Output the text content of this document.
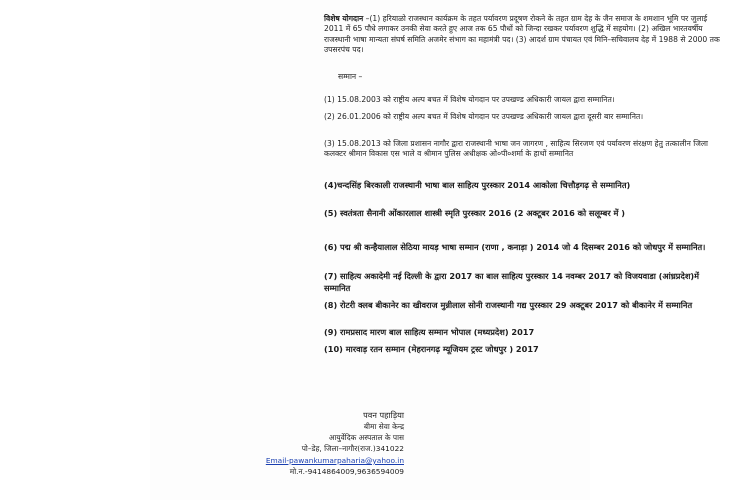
विशेष योगदान –(1) हरियाळो राजस्थान कार्यक्रम के तहत पर्यावरण प्रदूषण रोकने के तहत ग्राम देह के जैन समाज के शमशान भूमि पर जुलाई 2011 में 65 पौधे लगाकर उनकी सेवा करते हुए आज तक 65 पौधों को जिन्दा रखकर पर्यावरण शुद्धि में सहयोग। (2) अखिल भारतवर्षीय राजस्थानी भाषा मान्यता संघर्ष समिति अजमेर संभाग का महामंत्री पद। (3) आदर्श ग्राम पंचायत एवं मिनि–सचिवालय देह में 1988 से 2000 तक उपसरपंच पद।
सम्मान –
(1) 15.08.2003 को राष्ट्रीय अल्प बचत में विशेष योगदान पर उपखण्ड अधिकारी जायल द्वारा सम्मानित।
(2) 26.01.2006 को राष्ट्रीय अल्प बचत में विशेष योगदान पर उपखण्ड अधिकारी जायल द्वारा दूसरी बार सम्मानित।
(3) 15.08.2013 को जिला प्रशासन नागौर द्वारा राजस्थानी भाषा जन जागरण , साहित्य सिरजण एवं पर्यावरण संरक्षण हेतु तत्कालीन जिला कलक्टर श्रीमान विकास एस भाले व श्रीमान पुलिस अधीक्षक ओ०पी०शर्मा के हाथों सम्मानित
(4)चन्दसिंह बिरकाली राजस्थानी भाषा बाल साहित्य पुरस्कार 2014 आकोला चित्तौड़गढ़ से सम्मानित)
(5) स्वतंत्रता सैनानी ओंकारलाल शास्त्री स्मृति पुरस्कार 2016 (2 अक्टूबर 2016 को सलूम्बर में )
(6) पद्म श्री कन्हैयालाल सेठिया मायड़ भाषा सम्मान (राणा , कनाड़ा ) 2014 जो 4 दिसम्बर 2016 को जोधपुर में सम्मानित।
(7) साहित्य अकादेमी नई दिल्ली के द्वारा 2017 का बाल साहित्य पुरस्कार 14 नवम्बर 2017 को विजयवाडा (आंध्रप्रदेश)में सम्मानित
(8) रोटरी क्लब बीकानेर का खीवराज मुन्नीलाल सोनी राजस्थानी गद्य पुरस्कार 29 अक्टूबर 2017 को बीकानेर में सम्मानित
(9) रामप्रसाद मारण बाल साहित्य सम्मान भोपाल (मध्यप्रदेश) 2017
(10) मारवाड़ रतन सम्मान (मेहरानगढ़ म्यूजियम ट्रस्ट जोधपुर ) 2017
पवन पहाड़िया
बीमा सेवा केन्द्र
आयुर्वेदिक अस्पताल के पास
पो–डेह, जिला–नागौर(राज.)341022
Email-pawankumarpaharia@yahoo.in
मो.न.-9414864009,9636594009
